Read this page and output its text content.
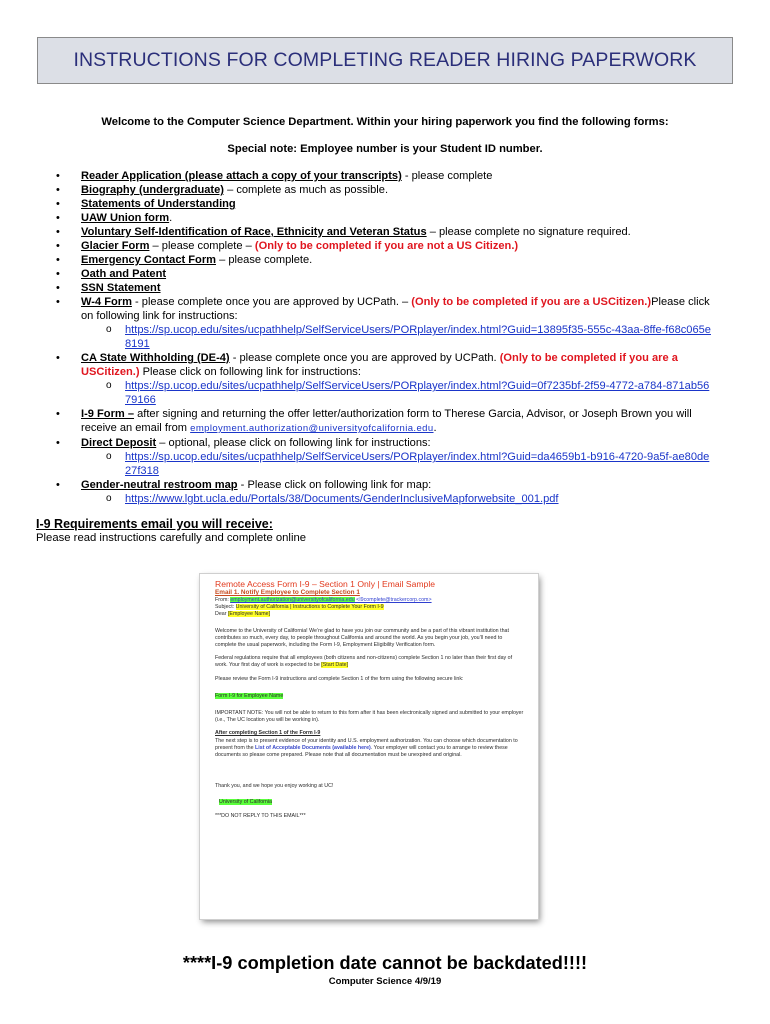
INSTRUCTIONS FOR COMPLETING READER HIRING PAPERWORK
Welcome to the Computer Science Department. Within your hiring paperwork you find the following forms:
Special note: Employee number is your Student ID number.
• Reader Application (please attach a copy of your transcripts) - please complete
• Biography (undergraduate) – complete as much as possible.
• Statements of Understanding
• UAW Union form.
• Voluntary Self-Identification of Race, Ethnicity and Veteran Status – please complete no signature required.
• Glacier Form – please complete – (Only to be completed if you are not a US Citizen.)
• Emergency Contact Form – please complete.
• Oath and Patent
• SSN Statement
• W-4 Form - please complete once you are approved by UCPath. – (Only to be completed if you are a USCitizen.)Please click on following link for instructions:
o https://sp.ucop.edu/sites/ucpathhelp/SelfServiceUsers/PORplayer/index.html?Guid=13895f35-555c-43aa-8ffe-f68c065e8191
• CA State Withholding (DE-4) - please complete once you are approved by UCPath. (Only to be completed if you are a USCitizen.) Please click on following link for instructions:
o https://sp.ucop.edu/sites/ucpathhelp/SelfServiceUsers/PORplayer/index.html?Guid=0f7235bf-2f59-4772-a784-871ab5679166
• I-9 Form – after signing and returning the offer letter/authorization form to Therese Garcia, Advisor, or Joseph Brown you will receive an email from employment.authorization@universityofcalifornia.edu.
• Direct Deposit – optional, please click on following link for instructions:
o https://sp.ucop.edu/sites/ucpathhelp/SelfServiceUsers/PORplayer/index.html?Guid=da4659b1-b916-4720-9a5f-ae80de27f318
• Gender-neutral restroom map - Please click on following link for map:
o https://www.lgbt.ucla.edu/Portals/38/Documents/GenderInclusiveMapforwebsite_001.pdf
I-9 Requirements email you will receive:
Please read instructions carefully and complete online

Remote Access Form I-9 – Section 1 Only | Email Sample

Email 1. Notify Employee to Complete Section 1

From: employment.authorization@universityofcalifornia.edu <I9complete@trackercorp.com>

Subject: University of California | Instructions to Complete Your Form I-9

Dear [Employee Name]

Welcome to the University of California! We’re glad to have you join our community and be a part of this vibrant institution that contributes so much, every day, to people throughout California and around the world. As you begin your job, you’ll need to complete the usual paperwork, including the Form I-9, Employment Eligibility Verification form.

Federal regulations require that all employees (both citizens and non-citizens) complete Section 1 no later than their first day of work. Your first day of work is expected to be [Start Date]

Please review the Form I-9 instructions and complete Section 1 of the form using the following secure link:

Form I-9 for Employee Name

IMPORTANT NOTE: You will not be able to return to this form after it has been electronically signed and submitted to your employer (i.e., The UC location you will be working in).

After completing Section 1 of the Form I-9

The next step is to present evidence of your identity and U.S. employment authorization. You can choose which documentation to present from the List of Acceptable Documents (available here). Your employer will contact you to arrange to review these documents so please come prepared. Please note that all documentation must be unexpired and original.

Thank you, and we hope you enjoy working at UC!

University of California

***DO NOT REPLY TO THIS EMAIL***

****I-9 completion date cannot be backdated!!!!
Computer Science 4/9/19
